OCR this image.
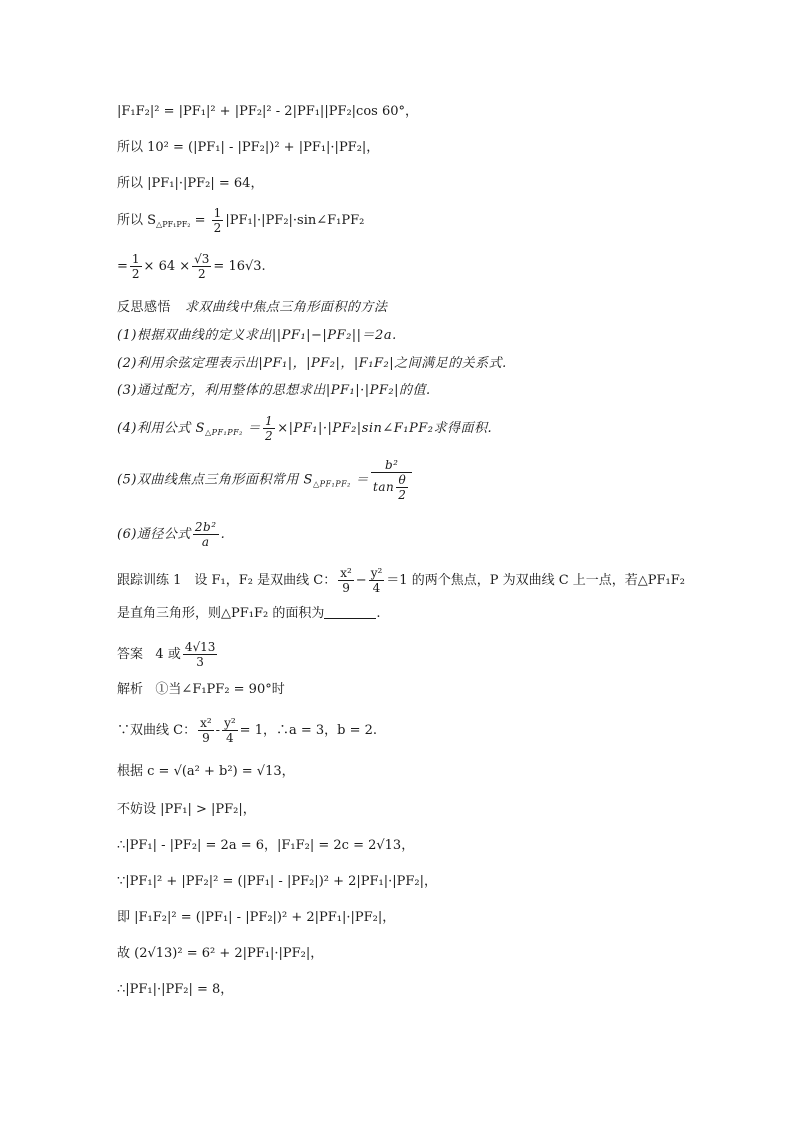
|F₁F₂|² = |PF₁|² + |PF₂|² - 2|PF₁||PF₂|cos 60°，
所以 10² = (|PF₁| - |PF₂|)² + |PF₁|·|PF₂|，
所以 |PF₁|·|PF₂| = 64，
所以 $S_{\triangle PF_1PF_2} = \frac{1}{2}$ |PF₁|·|PF₂|·sin∠F₁PF₂
= $\frac{1}{2} \times 64 \times \frac{√3}{2} = 16√3$.
反思感悟 求双曲线中焦点三角形面积的方法
(1)根据双曲线的定义求出||PF₁|−|PF₂||＝2a.
(2)利用余弦定理表示出|PF₁|，|PF₂|，|F₁F₂|之间满足的关系式.
(3)通过配方，利用整体的思想求出|PF₁|·|PF₂|的值.
(4)利用公式 $S_{\triangle PF_1PF_2} = \frac{1}{2}$ ×|PF₁|·|PF₂|sin∠F₁PF₂求得面积.
(5)双曲线焦点三角形面积常用 $S_{\triangle PF_1PF_2} = \frac{\text{b²}}{\tan \frac{\theta}{2}}$
(6)通径公式 $\frac{\text{2b²}}{a}$ .
跟踪训练 1　设 F₁，F₂ 是双曲线 C： $\frac{\text{x²}}{9} - \frac{\text{y²}}{4} =1$ 的两个焦点，P 为双曲线 C 上一点，若△PF₁F₂
是直角三角形，则△PF₁F₂ 的面积为	.
答案 4 或 $\frac{4√13}{3}$
解析 ①当∠F₁PF₂ = 90°时
∵双曲线 C： $\frac{\text{x²}}{9} - \frac{\text{y²}}{4} = 1$，∴a = 3，b = 2.
根据 c = √(a² + b²) = √13，
不妨设 |PF₁| > |PF₂|，
∴|PF₁| - |PF₂| = 2a = 6，|F₁F₂| = 2c = 2√13，
∵|PF₁|² + |PF₂|² = (|PF₁| - |PF₂|)² + 2|PF₁|·|PF₂|，
即 |F₁F₂|² = (|PF₁| - |PF₂|)² + 2|PF₁|·|PF₂|，
故 (2√13)² = 6² + 2|PF₁|·|PF₂|，
∴|PF₁|·|PF₂| = 8，
